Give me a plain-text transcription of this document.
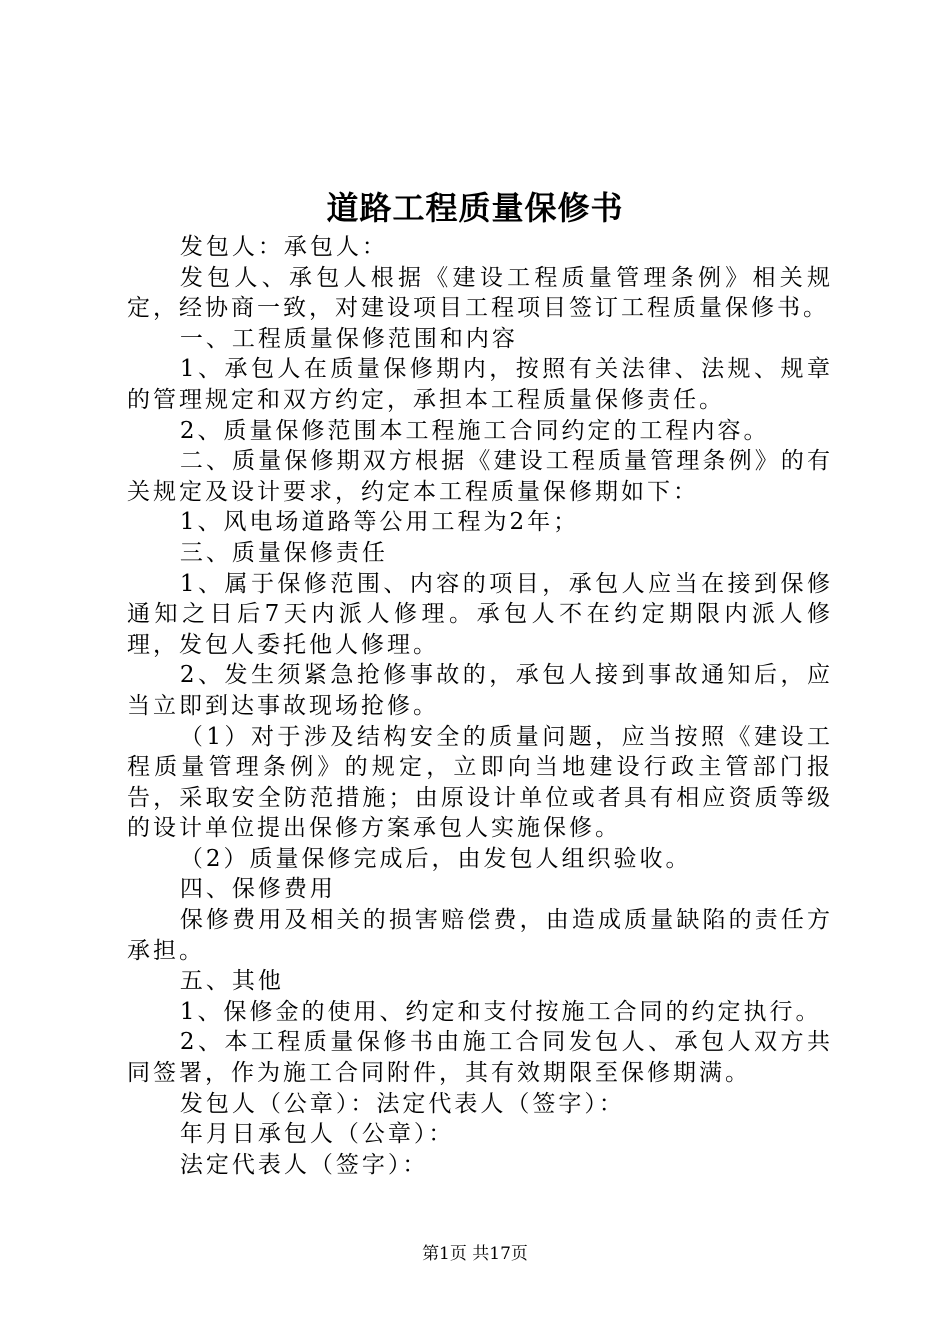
道路工程质量保修书

发包人：承包人：

发包人、承包人根据《建设工程质量管理条例》相关规定，经协商一致，对建设项目工程项目签订工程质量保修书。

一、工程质量保修范围和内容

1、承包人在质量保修期内，按照有关法律、法规、规章的管理规定和双方约定，承担本工程质量保修责任。

2、质量保修范围本工程施工合同约定的工程内容。

二、质量保修期双方根据《建设工程质量管理条例》的有关规定及设计要求，约定本工程质量保修期如下：

1、风电场道路等公用工程为2年；

三、质量保修责任

1、属于保修范围、内容的项目，承包人应当在接到保修通知之日后7天内派人修理。承包人不在约定期限内派人修理，发包人委托他人修理。

2、发生须紧急抢修事故的，承包人接到事故通知后，应当立即到达事故现场抢修。

（1）对于涉及结构安全的质量问题，应当按照《建设工程质量管理条例》的规定，立即向当地建设行政主管部门报告，采取安全防范措施；由原设计单位或者具有相应资质等级的设计单位提出保修方案承包人实施保修。

（2）质量保修完成后，由发包人组织验收。

四、保修费用

保修费用及相关的损害赔偿费，由造成质量缺陷的责任方承担。

五、其他

1、保修金的使用、约定和支付按施工合同的约定执行。

2、本工程质量保修书由施工合同发包人、承包人双方共同签署，作为施工合同附件，其有效期限至保修期满。

发包人（公章）：法定代表人（签字）：

年月日承包人（公章）：

法定代表人（签字）：

第1页 共17页
